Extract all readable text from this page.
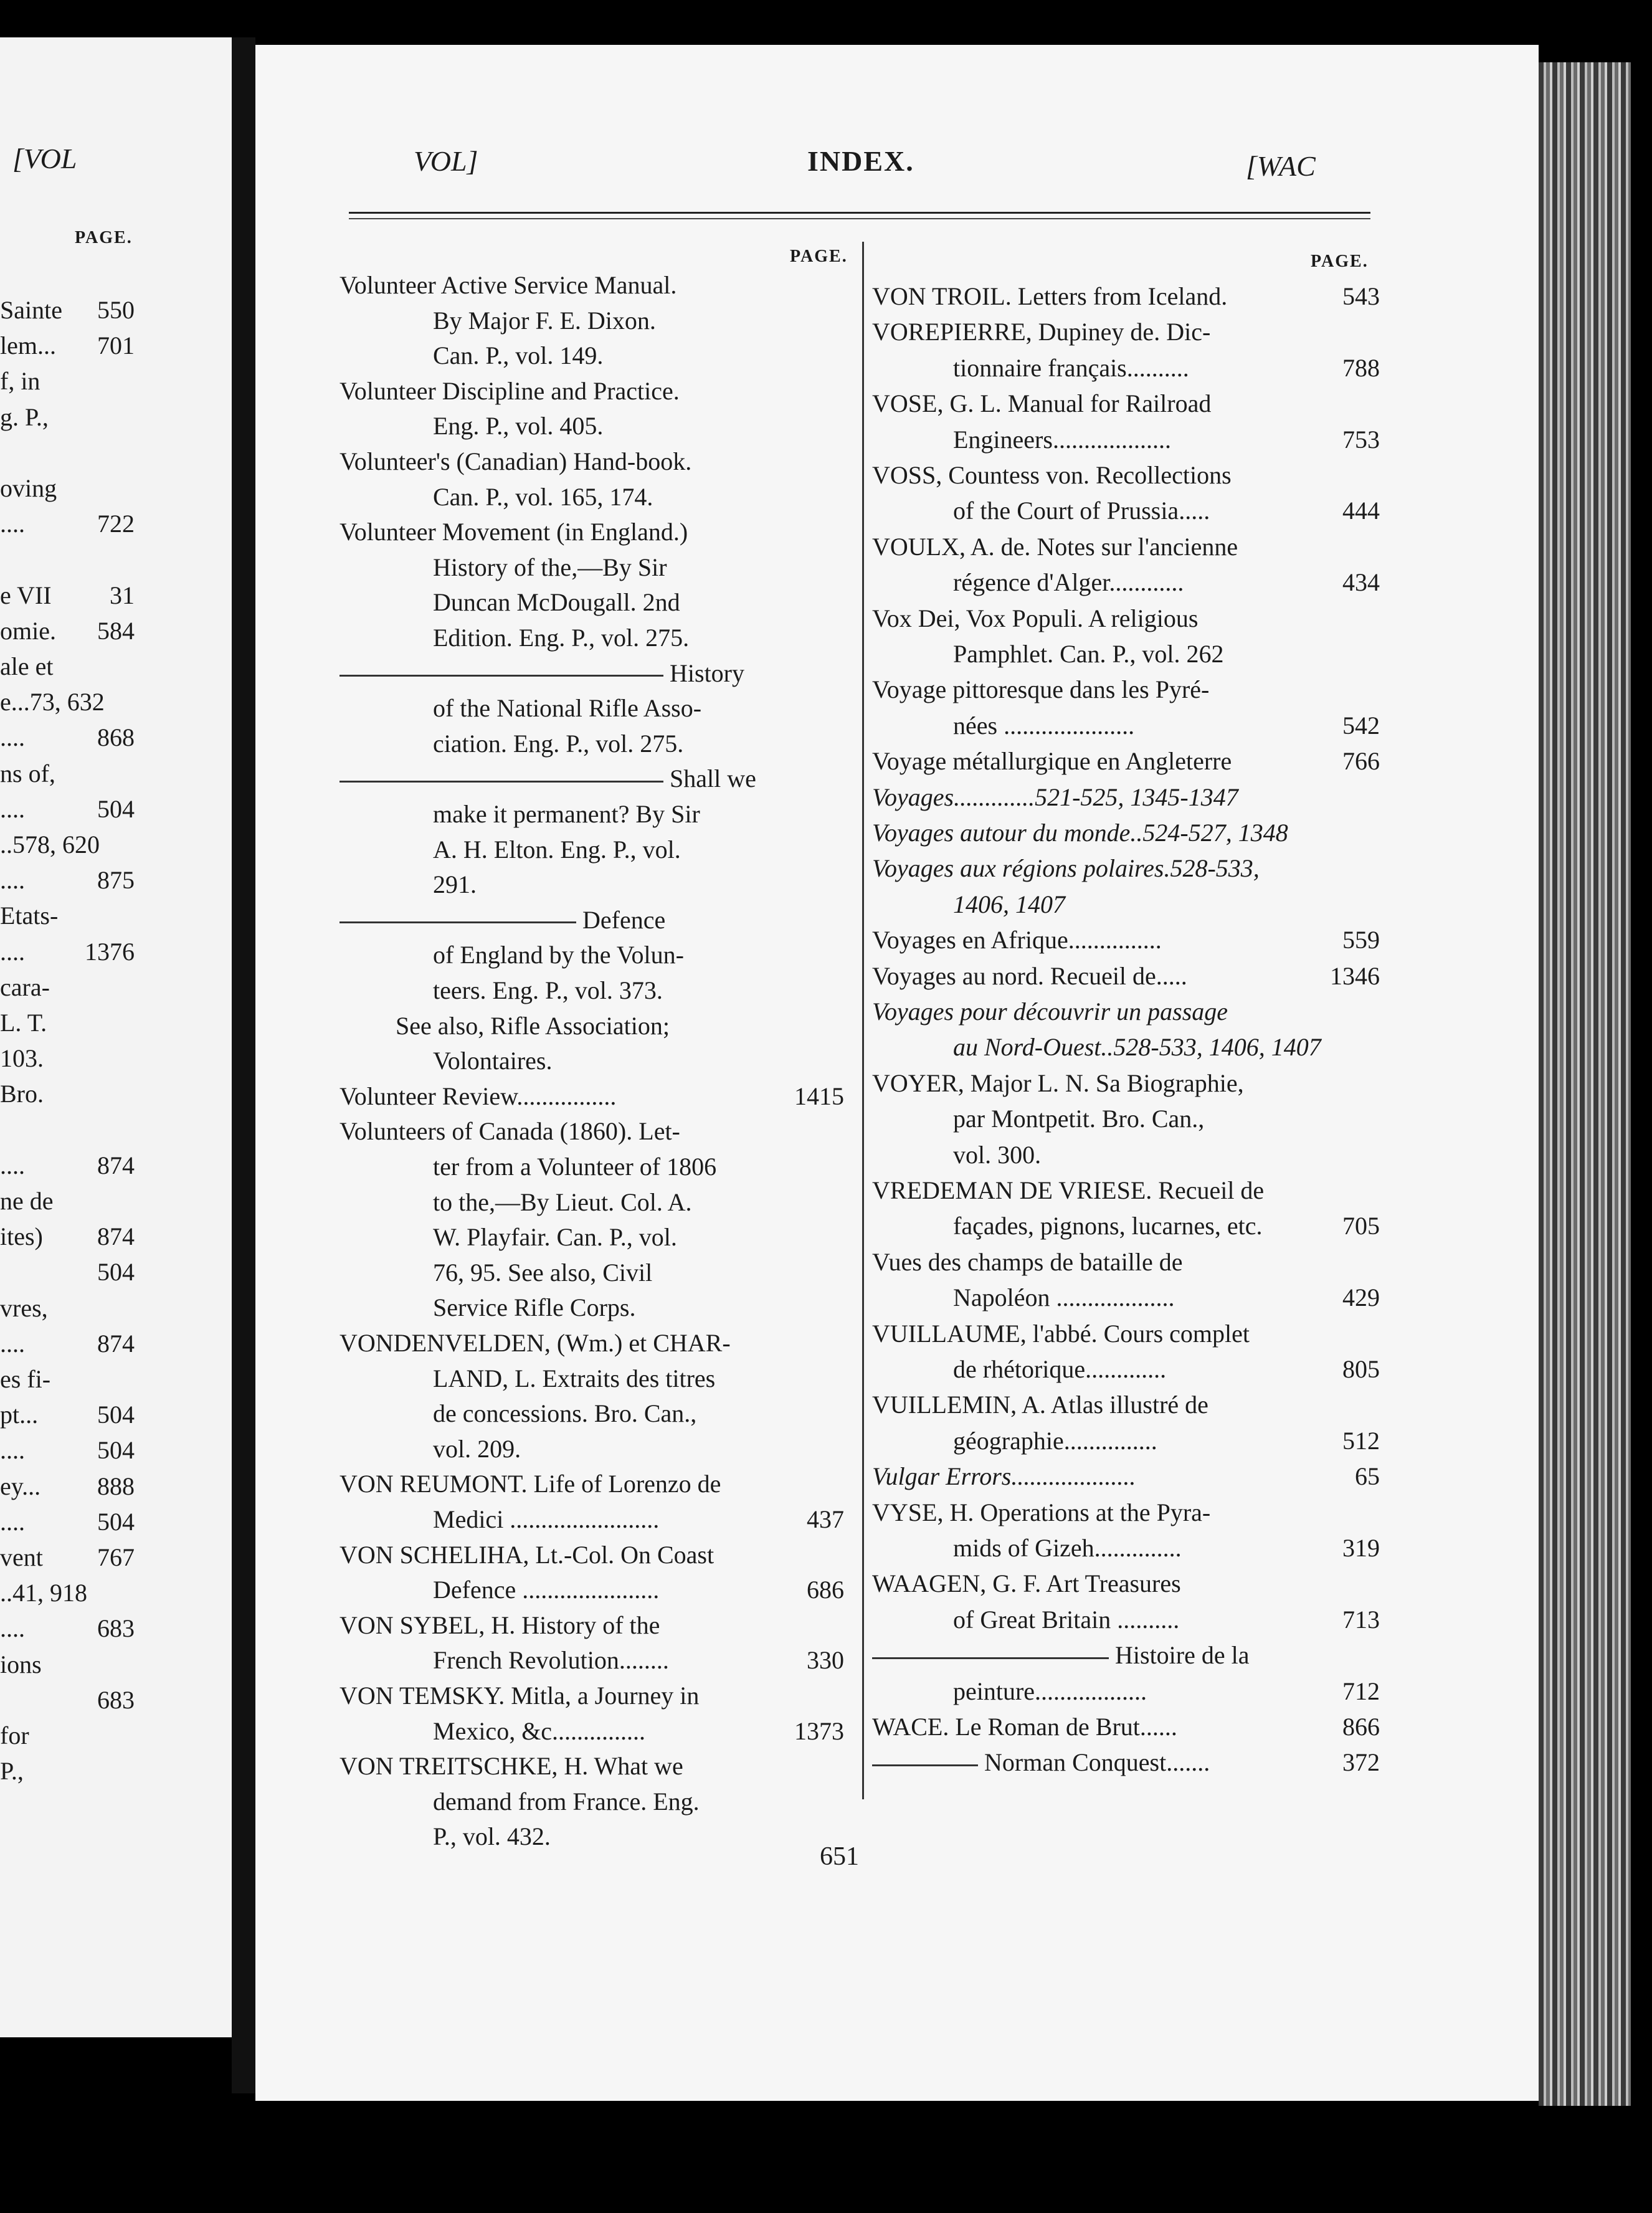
[VOL
PAGE.
Sainte 550
lem... 701
f, in
g. P.,
oving
....	722
e VII 31
omie. 584
ale et
e...73, 632
....	868
ns of,
....	504
..578, 620
....	875
Etats-
.... 1376
cara-
L. T.
103.
Bro.
....	874
ne de
ites) 874
504
vres,
....	874
es fi-
pt... 504
....	504
ey... 888
....	504
vent 767
..41, 918
....	683
ions
683
for
P.,
VOL]	INDEX.	[WAC
PAGE.	PAGE.
Volunteer Active Service Manual.
By Major F. E. Dixon.
Can. P., vol. 149.
Volunteer Discipline and Practice.
Eng. P., vol. 405.
Volunteer's (Canadian) Hand-book.
Can. P., vol. 165, 174.
Volunteer Movement (in England.)
History of the,—By Sir
Duncan McDougall. 2nd
Edition. Eng. P., vol. 275.
History
of the National Rifle Asso-
ciation. Eng. P., vol. 275.
Shall we
make it permanent? By Sir
A. H. Elton. Eng. P., vol.
291.
Defence
of England by the Volun-
teers. Eng. P., vol. 373.
See also, Rifle Association;
Volontaires.
Volunteer Review................	1415
Volunteers of Canada (1860). Let-
ter from a Volunteer of 1806
to the,—By Lieut. Col. A.
W. Playfair. Can. P., vol.
76, 95. See also, Civil
Service Rifle Corps.
VONDENVELDEN, (Wm.) et CHAR-
LAND, L. Extraits des titres
de concessions. Bro. Can.,
vol. 209.
VON REUMONT. Life of Lorenzo de
Medici ........................	437
VON SCHELIHA, Lt.-Col. On Coast
Defence ......................	686
VON SYBEL, H. History of the
French Revolution........	330
VON TEMSKY. Mitla, a Journey in
Mexico, &c...............	1373
VON TREITSCHKE, H. What we
demand from France. Eng.
P., vol. 432.
VON TROIL. Letters from Iceland.	543
VOREPIERRE, Dupiney de. Dic-
tionnaire français..........	788
VOSE, G. L. Manual for Railroad
Engineers...................	753
VOSS, Countess von. Recollections
of the Court of Prussia.....	444
VOULX, A. de. Notes sur l'ancienne
régence d'Alger............	434
Vox Dei, Vox Populi. A religious
Pamphlet. Can. P., vol. 262
Voyage pittoresque dans les Pyré-
nées .....................	542
Voyage métallurgique en Angleterre	766
Voyages.............521-525, 1345-1347
Voyages autour du monde..524-527, 1348
Voyages aux régions polaires.528-533,
1406, 1407
Voyages en Afrique...............	559
Voyages au nord. Recueil de.....	1346
Voyages pour découvrir un passage
au Nord-Ouest..528-533, 1406, 1407
VOYER, Major L. N. Sa Biographie,
par Montpetit. Bro. Can.,
vol. 300.
VREDEMAN DE VRIESE. Recueil de
façades, pignons, lucarnes, etc.	705
Vues des champs de bataille de
Napoléon ...................	429
VUILLAUME, l'abbé. Cours complet
de rhétorique.............	805
VUILLEMIN, A. Atlas illustré de
géographie...............	512
Vulgar Errors....................	65
VYSE, H. Operations at the Pyra-
mids of Gizeh..............	319
WAAGEN, G. F. Art Treasures
of Great Britain ..........	713
Histoire de la
peinture..................	712
WACE. Le Roman de Brut......	866
Norman Conquest.......	372
651
